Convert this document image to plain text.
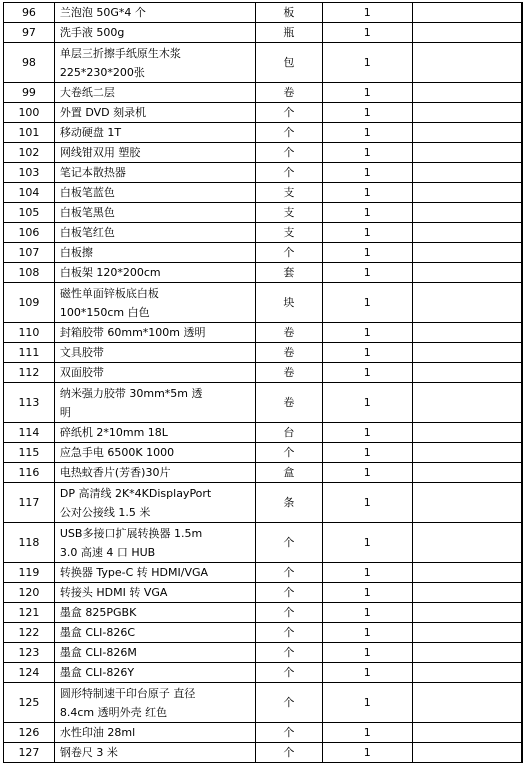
96	兰泡泡 50G*4 个	板	1		
97	洗手液 500g	瓶	1		
98	单层三折擦手纸原生木浆
225*230*200张	包	1		
99	大卷纸二层	卷	1		
100	外置 DVD 刻录机	个	1		
101	移动硬盘 1T	个	1		
102	网线钳双用 塑胶	个	1		
103	笔记本散热器	个	1		
104	白板笔蓝色	支	1		
105	白板笔黑色	支	1		
106	白板笔红色	支	1		
107	白板擦	个	1		
108	白板架 120*200cm	套	1		
109	磁性单面锌板底白板
100*150cm 白色	块	1		
110	封箱胶带 60mm*100m 透明	卷	1		
111	文具胶带	卷	1		
112	双面胶带	卷	1		
113	纳米强力胶带 30mm*5m 透
明	卷	1		
114	碎纸机 2*10mm 18L	台	1		
115	应急手电 6500K 1000	个	1		
116	电热蚊香片(芳香)30片	盒	1		
117	DP 高清线 2K*4KDisplayPort
公对公接线 1.5 米	条	1		
118	USB多接口扩展转换器 1.5m
3.0 高速 4 口 HUB	个	1		
119	转换器 Type-C 转 HDMI/VGA	个	1		
120	转接头 HDMI 转 VGA	个	1		
121	墨盒 825PGBK	个	1		
122	墨盒 CLI-826C	个	1		
123	墨盒 CLI-826M	个	1		
124	墨盒 CLI-826Y	个	1		
125	圆形特制速干印台原子 直径
8.4cm 透明外壳 红色	个	1		
126	水性印油 28ml	个	1		
127	钢卷尺 3 米	个	1		
